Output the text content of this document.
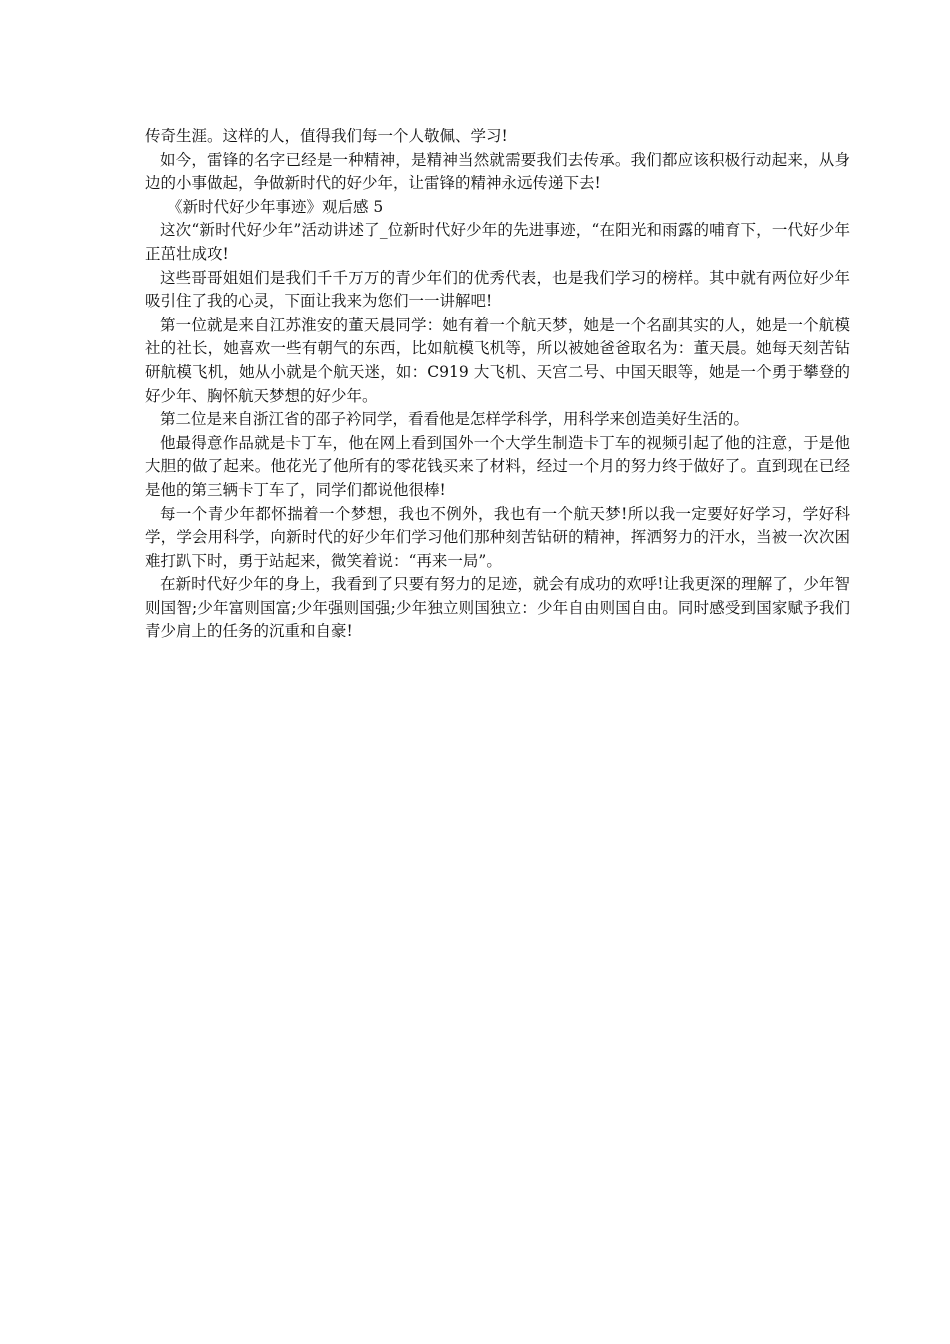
传奇生涯。这样的人，值得我们每一个人敬佩、学习!

如今，雷锋的名字已经是一种精神，是精神当然就需要我们去传承。我们都应该积极行动起来，从身边的小事做起，争做新时代的好少年，让雷锋的精神永远传递下去!

《新时代好少年事迹》观后感 5

这次“新时代好少年”活动讲述了_位新时代好少年的先进事迹，“在阳光和雨露的哺育下，一代好少年正茁壮成攻!

这些哥哥姐姐们是我们千千万万的青少年们的优秀代表，也是我们学习的榜样。其中就有两位好少年吸引住了我的心灵，下面让我来为您们一一讲解吧!

第一位就是来自江苏淮安的董天晨同学：她有着一个航天梦，她是一个名副其实的人，她是一个航模社的社长，她喜欢一些有朝气的东西，比如航模飞机等，所以被她爸爸取名为：董天晨。她每天刻苦钻研航模飞机，她从小就是个航天迷，如：C919 大飞机、天宫二号、中国天眼等，她是一个勇于攀登的好少年、胸怀航天梦想的好少年。

第二位是来自浙江省的邵子衿同学，看看他是怎样学科学，用科学来创造美好生活的。

他最得意作品就是卡丁车，他在网上看到国外一个大学生制造卡丁车的视频引起了他的注意，于是他大胆的做了起来。他花光了他所有的零花钱买来了材料，经过一个月的努力终于做好了。直到现在已经是他的第三辆卡丁车了，同学们都说他很棒!

每一个青少年都怀揣着一个梦想，我也不例外，我也有一个航天梦!所以我一定要好好学习，学好科学，学会用科学，向新时代的好少年们学习他们那种刻苦钻研的精神，挥洒努力的汗水，当被一次次困难打趴下时，勇于站起来，微笑着说：“再来一局”。

在新时代好少年的身上，我看到了只要有努力的足迹，就会有成功的欢呼!让我更深的理解了，少年智则国智;少年富则国富;少年强则国强;少年独立则国独立：少年自由则国自由。同时感受到国家赋予我们青少肩上的任务的沉重和自豪!
